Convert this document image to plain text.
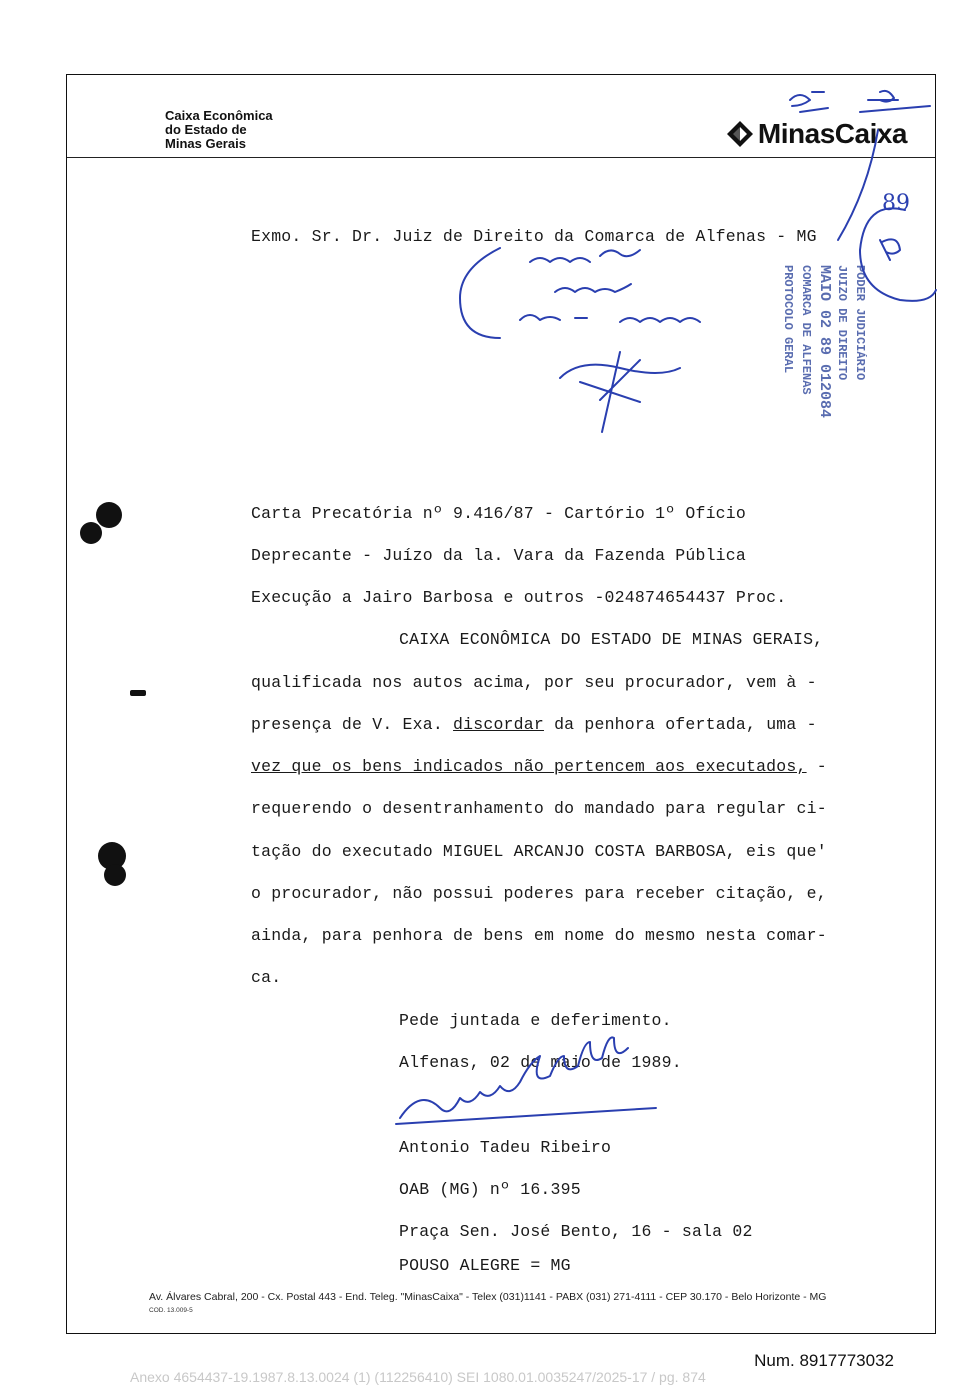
Caixa Econômica
do Estado de
Minas Gerais	MinasCaixa
Exmo. Sr. Dr. Juiz de Direito da Comarca de Alfenas - MG
PODER JUDICIÁRIO
JUIZO DE DIREITO
MAIO 02 89 012084
COMARCA DE ALFENAS
PROTOCOLO GERAL
Carta Precatória nº 9.416/87 - Cartório 1º Ofício
Deprecante - Juízo da la. Vara da Fazenda Pública
Execução a Jairo Barbosa e outros -024874654437 Proc.
CAIXA ECONÔMICA DO ESTADO DE MINAS GERAIS,
qualificada nos autos acima, por seu procurador, vem à -
presença de V. Exa. discordar da penhora ofertada, uma -
vez que os bens indicados não pertencem aos executados, -
requerendo o desentranhamento do mandado para regular ci-
tação do executado MIGUEL ARCANJO COSTA BARBOSA, eis que'
o procurador, não possui poderes para receber citação, e,
ainda, para penhora de bens em nome do mesmo nesta comar-
ca.
Pede juntada e deferimento.
Alfenas, 02 de maio de 1989.
Antonio Tadeu Ribeiro
OAB (MG) nº 16.395
Praça Sen. José Bento, 16 - sala 02
POUSO ALEGRE = MG
Av. Álvares Cabral, 200 - Cx. Postal 443 - End. Teleg. "MinasCaixa" - Telex (031)1141 - PABX (031) 271-4111 - CEP 30.170 - Belo Horizonte - MG
COD. 13.009-5
89
Num. 8917773032
Anexo 4654437-19.1987.8.13.0024 (1) (112256410) SEI 1080.01.0035247/2025-17 / pg. 874
